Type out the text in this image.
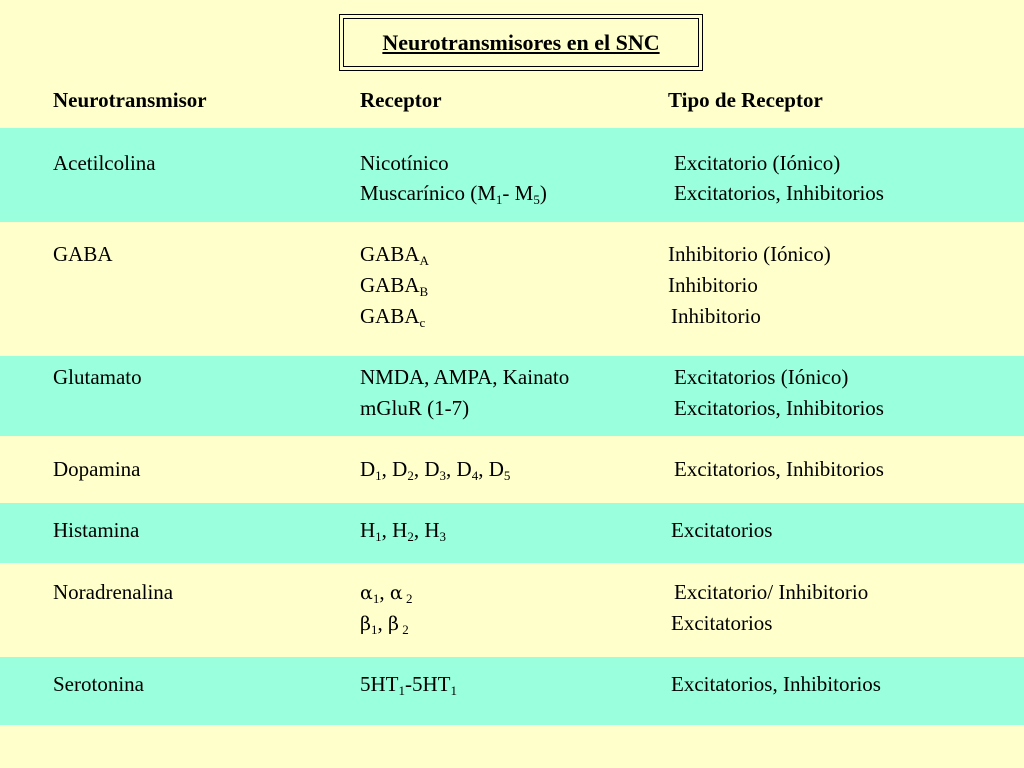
Neurotransmisores en el SNC
Neurotransmisor	Receptor	Tipo de Receptor
Acetilcolina	Nicotínico	Excitatorio (Iónico)
Muscarínico ($M_1-$ $M_5$)	Excitatorios, Inhibitorios
GABA	$GABA_A$	Inhibitorio (Iónico)
$GABA_B$	Inhibitorio
$GABA_c$	Inhibitorio
Glutamato	NMDA, AMPA, Kainato	Excitatorios (Iónico)
mGluR (1-7)	Excitatorios, Inhibitorios
Dopamina	$D_1$, $D_2$, $D_3$, $D_4$, $D_5$	Excitatorios, Inhibitorios
Histamina	$H_1$, $H_2$, $H_3$	Excitatorios
Noradrenalina	$\alpha_1$, α $_2$	Excitatorio/ Inhibitorio
$\beta_1$, β $_2$	Excitatorios
Serotonina	$5HT_1-5HT_1$	Excitatorios, Inhibitorios
